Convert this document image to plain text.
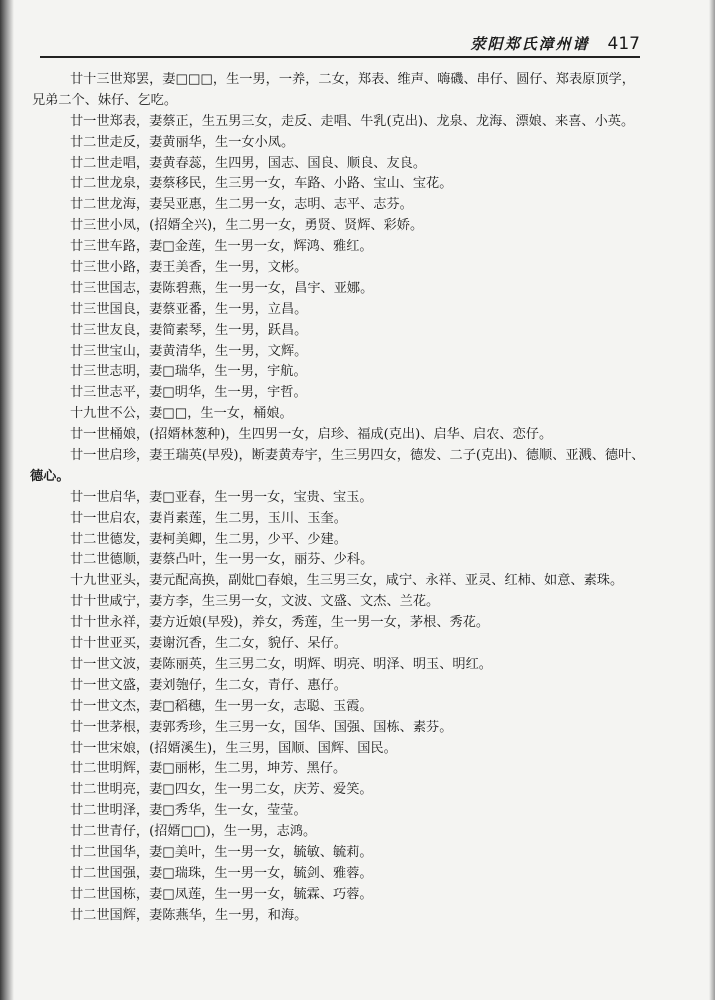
荥阳郑氏漳州谱 417
廿十三世郑罢，妻□□□，生一男，一养，二女，郑表、维声、嗨磯、串仔、圆仔、郑表原顶学，
兄弟二个、妹仔、乞吃。
廿一世郑表，妻蔡正，生五男三女，走反、走唱、牛乳(克出)、龙泉、龙海、漂娘、来喜、小英。
廿二世走反，妻黄丽华，生一女小凤。
廿二世走唱，妻黄春蕊，生四男，国志、国良、顺良、友良。
廿二世龙泉，妻蔡移民，生三男一女，车路、小路、宝山、宝花。
廿二世龙海，妻吴亚惠，生二男一女，志明、志平、志芬。
廿三世小凤，(招婿全兴)，生二男一女，勇贤、贤辉、彩娇。
廿三世车路，妻□金莲，生一男一女，辉鸿、雅红。
廿三世小路，妻王美香，生一男，文彬。
廿三世国志，妻陈碧燕，生一男一女，昌宇、亚娜。
廿三世国良，妻蔡亚番，生一男，立昌。
廿三世友良，妻简素琴，生一男，跃昌。
廿三世宝山，妻黄清华，生一男，文辉。
廿三世志明，妻□瑞华，生一男，宇航。
廿三世志平，妻□明华，生一男，宇哲。
十九世不公，妻□□，生一女，桶娘。
廿一世桶娘，(招婿林葱种)，生四男一女，启珍、福成(克出)、启华、启农、恋仔。
廿一世启珍，妻王瑞英(早殁)，断妻黄寿宇，生三男四女，德发、二子(克出)、德顺、亚溅、德叶、
德心。
廿一世启华，妻□亚春，生一男一女，宝贵、宝玉。
廿一世启农，妻肖素莲，生二男，玉川、玉奎。
廿二世德发，妻柯美卿，生二男，少平、少建。
廿二世德顺，妻蔡凸叶，生一男一女，丽芬、少科。
十九世亚头，妻元配高换，副妣□春娘，生三男三女，咸宁、永祥、亚灵、红柿、如意、素珠。
廿十世咸宁，妻方李，生三男一女，文波、文盛、文杰、兰花。
廿十世永祥，妻方近娘(早殁)，养女，秀莲，生一男一女，茅根、秀花。
廿十世亚买，妻谢沉香，生二女，貌仔、呆仔。
廿一世文波，妻陈丽英，生三男二女，明辉、明亮、明泽、明玉、明红。
廿一世文盛，妻刘匏仔，生二女，青仔、惠仔。
廿一世文杰，妻□稻穗，生一男一女，志聪、玉霞。
廿一世茅根，妻郭秀珍，生三男一女，国华、国强、国栋、素芬。
廿一世宋娘，(招婿溪生)，生三男，国顺、国辉、国民。
廿二世明辉，妻□丽彬，生二男，坤芳、黑仔。
廿二世明亮，妻□四女，生一男二女，庆芳、爱笑。
廿二世明泽，妻□秀华，生一女，莹莹。
廿二世青仔，(招婿□□)，生一男，志鸿。
廿二世国华，妻□美叶，生一男一女，毓敏、毓莉。
廿二世国强，妻□瑞珠，生一男一女，毓剑、雅蓉。
廿二世国栋，妻□凤莲，生一男一女，毓霖、巧蓉。
廿二世国辉，妻陈燕华，生一男，和海。
